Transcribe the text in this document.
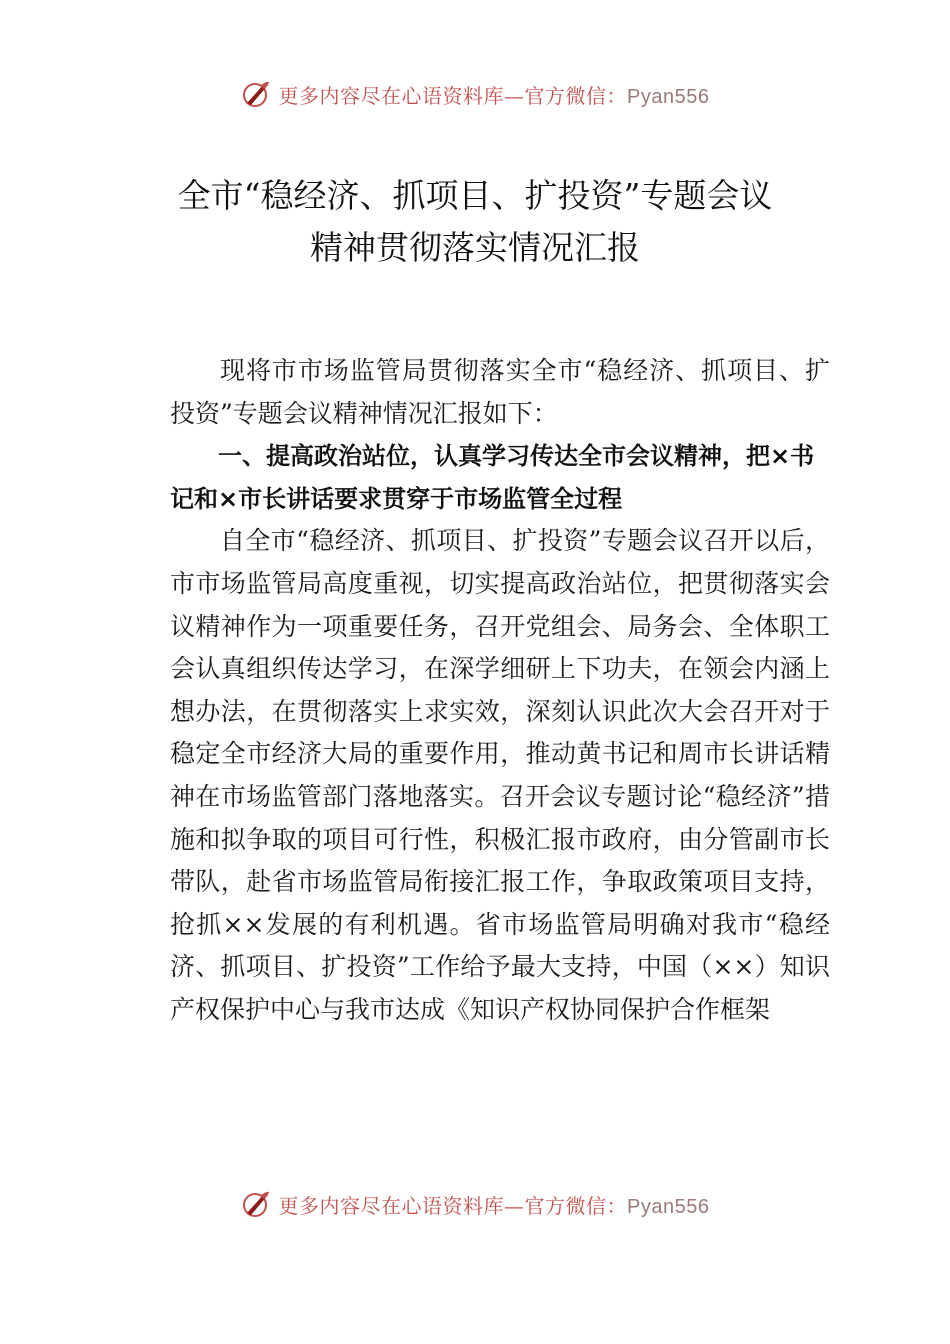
更多内容尽在心语资料库—官方微信：Pyan556
全市“稳经济、抓项目、扩投资”专题会议
精神贯彻落实情况汇报

现将市市场监管局贯彻落实全市“稳经济、抓项目、扩投资”专题会议精神情况汇报如下：

一、提高政治站位，认真学习传达全市会议精神，把×书记和×市长讲话要求贯穿于市场监管全过程

自全市“稳经济、抓项目、扩投资”专题会议召开以后，市市场监管局高度重视，切实提高政治站位，把贯彻落实会议精神作为一项重要任务，召开党组会、局务会、全体职工会认真组织传达学习，在深学细研上下功夫，在领会内涵上想办法，在贯彻落实上求实效，深刻认识此次大会召开对于稳定全市经济大局的重要作用，推动黄书记和周市长讲话精神在市场监管部门落地落实。召开会议专题讨论“稳经济”措施和拟争取的项目可行性，积极汇报市政府，由分管副市长带队，赴省市场监管局衔接汇报工作，争取政策项目支持，抢抓××发展的有利机遇。省市场监管局明确对我市“稳经济、抓项目、扩投资”工作给予最大支持，中国（××）知识产权保护中心与我市达成《知识产权协同保护合作框架

更多内容尽在心语资料库—官方微信：Pyan556
